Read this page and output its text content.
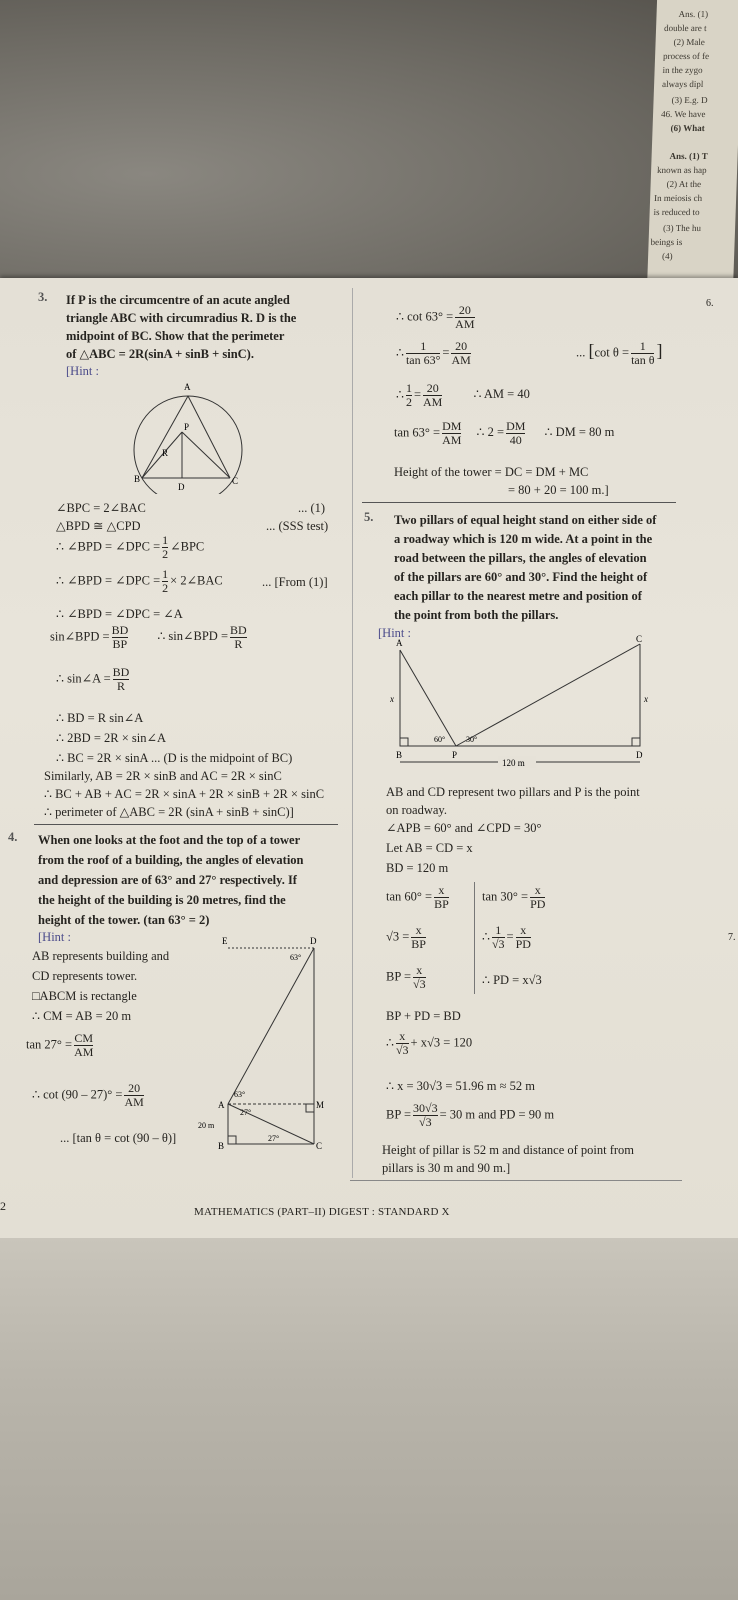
Ans. (1)
double are t
(2) Male
process of fe
in the zygo
always dipl
(3) E.g. D
46. We have
(6) What
Ans. (1) T
known as hap
(2) At the
In meiosis ch
is reduced to
(3) The hu
beings is
(4)
6.
7.
3. If P is the circumcentre of an acute angled
triangle ABC with circumradius R. D is the
midpoint of BC. Show that the perimeter
of △ABC = 2R(sinA + sinB + sinC).
[Hint :
A
B	C
P
R
D
∠BPC = 2∠BAC	... (1)
△BPD ≅ △CPD	... (SSS test)
∴ ∠BPD = ∠DPC = $\frac{1}{2}$ ∠BPC
∴ ∠BPD = ∠DPC = $\frac{1}{2}$ × 2∠BAC	... [From (1)]
∴ ∠BPD = ∠DPC = ∠A
sin∠BPD = $\frac{BD}{BP}$ ∴ sin∠BPD = $\frac{BD}{R}$
∴ sin∠A = $\frac{BD}{R}$
∴ BD = R sin∠A
∴ 2BD = 2R × sin∠A
∴ BC = 2R × sinA ... (D is the midpoint of BC)
Similarly, AB = 2R × sinB and AC = 2R × sinC
∴ BC + AB + AC = 2R × sinA + 2R × sinB + 2R × sinC
∴ perimeter of △ABC = 2R (sinA + sinB + sinC)]
4. When one looks at the foot and the top of a tower
from the roof of a building, the angles of elevation
and depression are of 63° and 27° respectively. If
the height of the building is 20 metres, find the
height of the tower. (tan 63° = 2)
[Hint :
AB represents building and
CD represents tower.
□ABCM is rectangle
∴ CM = AB = 20 m
$\tan 27^\circ = \frac{CM}{AM}$
∴ $\cot (90 - 27)^\circ = \frac{20}{AM}$
... [tan θ = cot (90 – θ)]
E	D
A	M
B	C
63°
63°
27°
27°
20 m
∴ $\cot 63^\circ = \frac{20}{AM}$
∴ $\frac{1}{\tan 63^\circ} = \frac{20}{AM}$	... [cot $\theta = \frac{1}{\text{tan θ}}$ ]
∴ $\frac{1}{2} = \frac{20}{AM}$ ∴ AM = 40
$\tan 63^\circ = \frac{DM}{AM}$ ∴ $2 = \frac{DM}{40}$ ∴ DM = 80 m
Height of the tower = DC = DM + MC
= 80 + 20 = 100 m.]
5. Two pillars of equal height stand on either side of
a roadway which is 120 m wide. At a point in the
road between the pillars, the angles of elevation
of the pillars are 60° and 30°. Find the height of
each pillar to the nearest metre and position of
the point from both the pillars.
[Hint :
A
B
C
D
P
x	x
60°	30°
120 m
AB and CD represent two pillars and P is the point
on roadway.
∠APB = 60° and ∠CPD = 30°
Let AB = CD = x
BD = 120 m
$\tan 60^\circ = \frac{x}{BP}$	$\tan 30^\circ = \frac{x}{PD}$
$√3 = \frac{x}{BP}$	∴ $\frac{1}{√3} = \frac{x}{PD}$
BP = $\frac{x}{√3}$	∴ PD = x√3
BP + PD = BD
∴ $\frac{x}{√3} + x√3 = 120$
∴ x = 30√3 = 51.96 m ≈ 52 m
BP = $\frac{30√3}{√3} = 30$ m and PD = 90 m
Height of pillar is 52 m and distance of point from
pillars is 30 m and 90 m.]
2	MATHEMATICS (PART–II) DIGEST : STANDARD X
